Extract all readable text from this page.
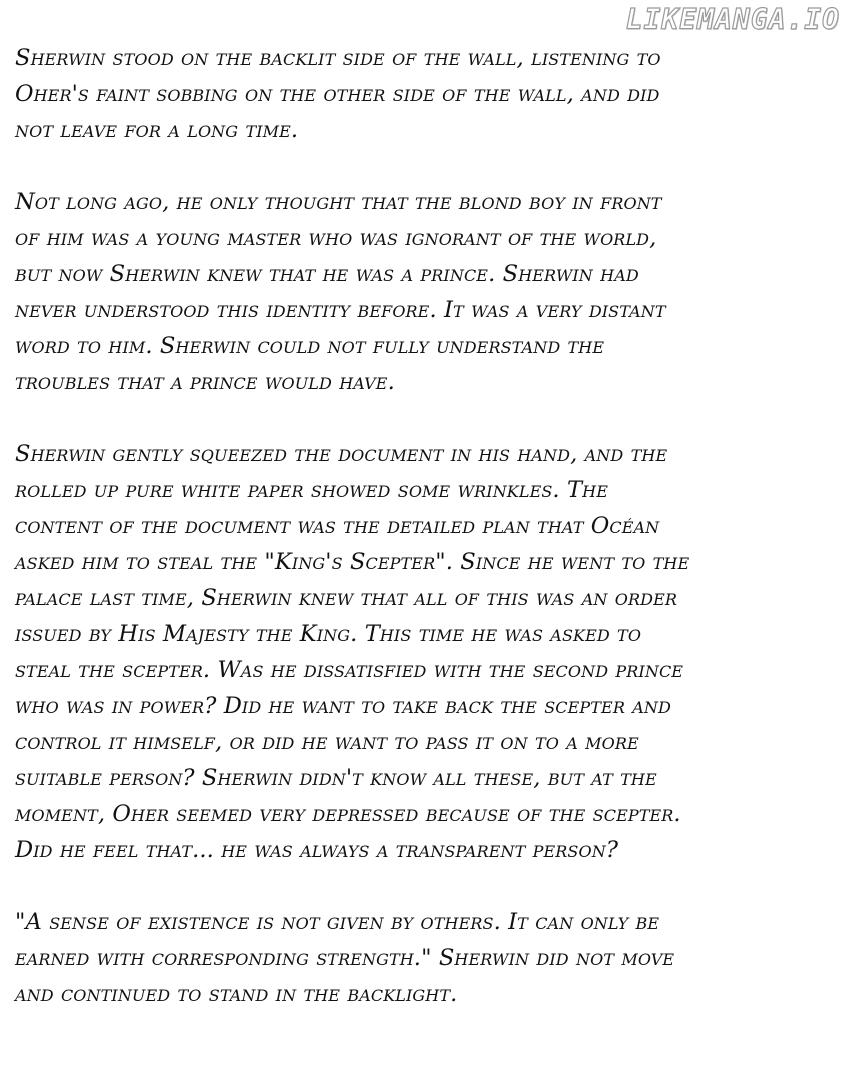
LIKEMANGA.IO

Sherwin stood on the backlit side of the wall, listening to
Oher's faint sobbing on the other side of the wall, and did
not leave for a long time.

Not long ago, he only thought that the blond boy in front
of him was a young master who was ignorant of the world,
but now Sherwin knew that he was a prince. Sherwin had
never understood this identity before. It was a very distant
word to him. Sherwin could not fully understand the
troubles that a prince would have.

Sherwin gently squeezed the document in his hand, and the
rolled up pure white paper showed some wrinkles. The
content of the document was the detailed plan that Océan
asked him to steal the "King's Scepter". Since he went to the
palace last time, Sherwin knew that all of this was an order
issued by His Majesty the King. This time he was asked to
steal the scepter. Was he dissatisfied with the second prince
who was in power? Did he want to take back the scepter and
control it himself, or did he want to pass it on to a more
suitable person? Sherwin didn't know all these, but at the
moment, Oher seemed very depressed because of the scepter.
Did he feel that... he was always a transparent person?

"A sense of existence is not given by others. It can only be
earned with corresponding strength." Sherwin did not move
and continued to stand in the backlight.
